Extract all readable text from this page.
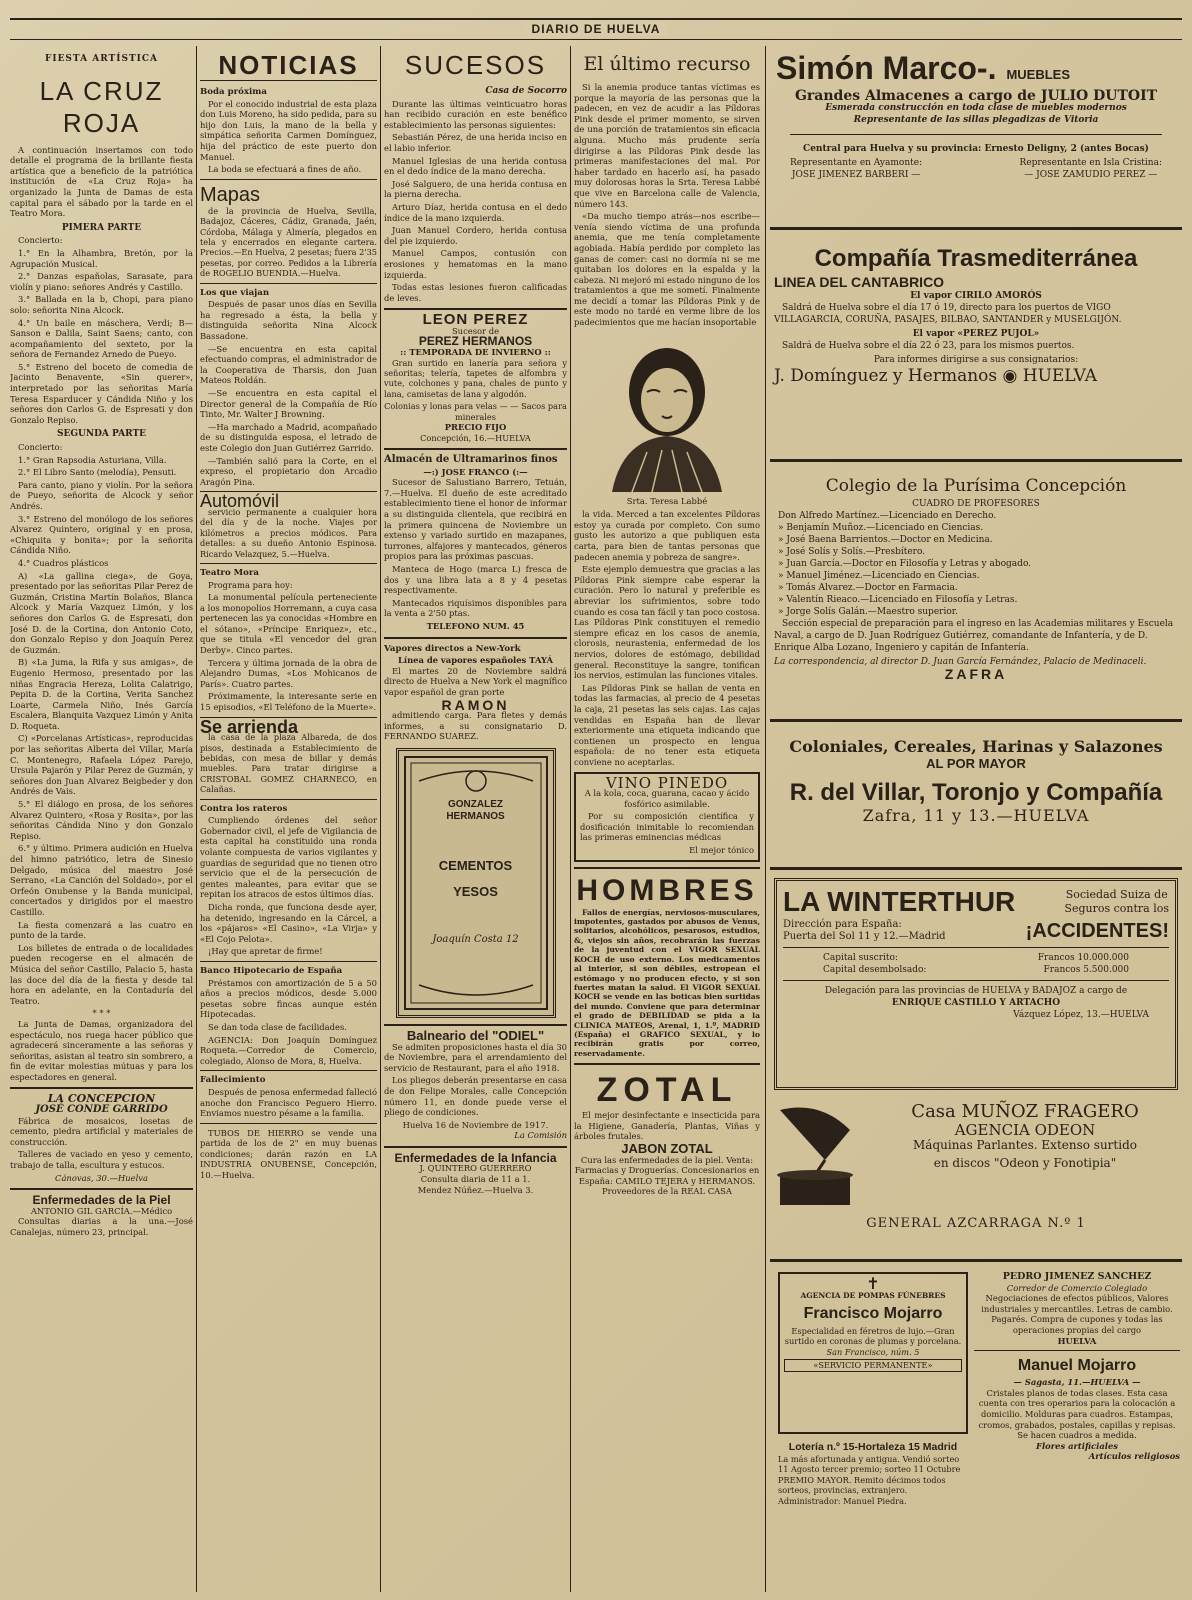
DIARIO DE HUELVA
FIESTA ARTÍSTICA
LA CRUZ ROJA

A continuación insertamos con todo detalle el programa de la brillante fiesta artística que a beneficio de la patriótica institución de «La Cruz Roja» ha organizado la Junta de Damas de esta capital para el sábado por la tarde en el Teatro Mora.

PIMERA PARTE

Concierto:

1.° En la Alhambra, Bretón, por la Agrupación Musical.

2.° Danzas españolas, Sarasate, para violín y piano: señores Andrés y Castillo.

3.° Ballada en la b, Chopi, para piano solo: señorita Nina Alcock.

4.° Un baile en máschera, Verdi; B—Sanson e Dalila, Saint Saens; canto, con acompañamiento del sexteto, por la señora de Fernandez Arnedo de Pueyo.

5.° Estreno del boceto de comedia de Jacinto Benavente, «Sin querer», interpretado por las señoritas María Teresa Esparducer y Cándida Niño y los señores don Carlos G. de Espresati y don Gonzalo Repiso.

SEGUNDA PARTE

Concierto:

1.° Gran Rapsodia Asturiana, Villa.

2.° El Libro Santo (melodía), Pensuti.

Para canto, piano y violín. Por la señora de Pueyo, señorita de Alcock y señor Andrés.

3.° Estreno del monólogo de los señores Alvarez Quintero, original y en prosa, «Chiquita y bonita»; por la señorita Cándida Niño.

4.° Cuadros plásticos

A) «La gallina ciega», de Goya, presentado por las señoritas Pilar Perez de Guzmán, Cristina Martín Bolaños, Blanca Alcock y María Vazquez Limón, y los señores don Carlos G. de Espresati, don José D. de la Cortina, don Antonio Coto, don Gonzalo Repiso y don Joaquín Perez de Guzmán.

B) «La Juma, la Rifa y sus amigas», de Eugenio Hermoso, presentado por las niñas Engracia Hereza, Lolita Calatrigo, Pepita D. de la Cortina, Verita Sanchez Loarte, Carmela Niño, Inés García Escalera, Blanquita Vazquez Limón y Anita D. Roqueta.

C) «Porcelanas Artísticas», reproducidas por las señoritas Alberta del Villar, María C. Montenegro, Rafaela López Parejo, Ursula Pajarón y Pilar Perez de Guzmán, y señores don Juan Alvarez Beigbeder y don Andrés de Vais.

5.° El diálogo en prosa, de los señores Alvarez Quintero, «Rosa y Rosita», por las señoritas Cándida Nino y don Gonzalo Repiso.

6.° y último. Primera audición en Huelva del himno patriótico, letra de Sinesio Delgado, música del maestro José Serrano, «La Canción del Soldado», por el Orfeón Onubense y la Banda municipal, concertados y dirigidos por el maestro Castillo.

La fiesta comenzará a las cuatro en punto de la tarde.

Los billetes de entrada o de localidades pueden recogerse en el almacén de Música del señor Castillo, Palacio 5, hasta las doce del día de la fiesta y desde tal hora en adelante, en la Contaduría del Teatro.

* * *

La Junta de Damas, organizadora del espectáculo, nos ruega hacer público que agradecerá sinceramente a las señoras y señoritas, asistan al teatro sin sombrero, a fin de evitar molestias mútuas y para los espectadores en general.

LA CONCEPCION
JOSÉ CONDE GARRIDO

Fábrica de mosaicos, losetas de cemento, piedra artificial y materiales de construcción.

Talleres de vaciado en yeso y cemento, trabajo de talla, escultura y estucos.

Cánovas, 30.—Huelva
Enfermedades de la Piel
ANTONIO GIL GARCÍA.—Médico

Consultas diarias a la una.—José Canalejas, número 23, principal.

NOTICIAS
Boda próxima

Por el conocido industrial de esta plaza don Luis Moreno, ha sido pedida, para su hijo don Luis, la mano de la bella y simpática señorita Carmen Domínguez, hija del práctico de este puerto don Manuel.

La boda se efectuará a fines de año.

Mapas

de la provincia de Huelva, Sevilla, Badajoz, Cáceres, Cádiz, Granada, Jaén, Córdoba, Málaga y Almería, plegados en tela y encerrados en elegante cartera. Precios.—En Huelva, 2 pesetas; fuera 2'35 pesetas, por correo. Pedidos a la Librería de ROGELIO BUENDIA.—Huelva.

Los que viajan

Después de pasar unos días en Sevilla ha regresado a ésta, la bella y distinguida señorita Nina Alcock Bassadone.

—Se encuentra en esta capital efectuando compras, el administrador de la Cooperativa de Tharsis, don Juan Mateos Roldán.

—Se encuentra en esta capital el Director general de la Compañía de Río Tinto, Mr. Walter J Browning.

—Ha marchado a Madrid, acompañado de su distinguida esposa, el letrado de este Colegio don Juan Gutiérrez Garrido.

—También salió para la Corte, en el expreso, el propietario don Arcadio Aragón Pina.

Automóvil

servicio permanente a cualquier hora del día y de la noche. Viajes por kilómetros a precios módicos. Para detalles: a su dueño Antonio Espinosa. Ricardo Velazquez, 5.—Huelva.

Teatro Mora

Programa para hoy:

La monumental película perteneciente a los monopolios Horremann, a cuya casa pertenecen las ya conocidas «Hombre en el sótano», «Príncipe Enriquez», etc., que se titula «El vencedor del gran Derby». Cinco partes.

Tercera y última jornada de la obra de Alejandro Dumas, «Los Mohicanos de París». Cuatro partes.

Próximamente, la interesante serie en 15 episodios, «El Teléfono de la Muerte».

Se arrienda

la casa de la plaza Albareda, de dos pisos, destinada a Establecimiento de bebidas, con mesa de billar y demás muebles. Para tratar dirigirse a CRISTOBAL GOMEZ CHARNECO, en Calañas.

Contra los rateros

Cumpliendo órdenes del señor Gobernador civil, el jefe de Vigilancia de esta capital ha constituido una ronda volante compuesta de varios vigilantes y guardias de seguridad que no tienen otro servicio que el de la persecución de gentes maleantes, para evitar que se repitan los atracos de estos últimos días.

Dicha ronda, que funciona desde ayer, ha detenido, ingresando en la Cárcel, a los «pájaros» «El Casino», «La Virja» y «El Cojo Pelota».

¡Hay que apretar de firme!

Banco Hipotecario de España

Préstamos con amortización de 5 a 50 años a precios módicos, desde 5.000 pesetas sobre fincas aunque estén Hipotecadas.

Se dan toda clase de facilidades.

AGENCIA: Don Joaquín Domínguez Roqueta.—Corredor de Comercio, colegiado, Alonso de Mora, 8, Huelva.

Fallecimiento

Después de penosa enfermedad falleció anoche don Francisco Peguero Hierro. Enviamos nuestro pésame a la familia.

TUBOS DE HIERRO se vende una partida de los de 2" en muy buenas condiciones; darán razón en LA INDUSTRIA ONUBENSE, Concepción, 10.—Huelva.

SUCESOS
Casa de Socorro

Durante las últimas veinticuatro horas han recibido curación en este benéfico establecimiento las personas siguientes:

Sebastián Pérez, de una herida inciso en el labio inferior.

Manuel Iglesias de una herida contusa en el dedo índice de la mano derecha.

José Salguero, de una herida contusa en la pierna derecha.

Arturo Díaz, herida contusa en el dedo índice de la mano izquierda.

Juan Manuel Cordero, herida contusa del pie izquierdo.

Manuel Campos, contusión con erosiones y hematomas en la mano izquierda.

Todas estas lesiones fueron calificadas de leves.

LEON PEREZ
Sucesor de
PEREZ HERMANOS
:: TEMPORADA DE INVIERNO ::

Gran surtido en lanería para señora y señoritas; telería, tapetes de alfombra y vute, colchones y pana, chales de punto y lana, camisetas de lana y algodón.

Colonias y lonas para velas — — Sacos para minerales
PRECIO FIJO
Concepción, 16.—HUELVA
Almacén de Ultramarinos finos
—:) JOSE FRANCO (:—

Sucesor de Salustiano Barrero, Tetuán, 7.—Huelva. El dueño de este acreditado establecimiento tiene el honor de informar a su distinguida clientela, que recibirá en la primera quincena de Noviembre un extenso y variado surtido en mazapanes, turrones, alfajores y mantecados, géneros propios para las próximas pascuas.

Manteca de Hogo (marca L) fresca de dos y una libra lata a 8 y 4 pesetas respectivamente.

Mantecados riquísimos disponibles para la venta a 2'50 ptas.

TELEFONO NUM. 45
Vapores directos a New-York
Línea de vapores españoles TAYÁ

El martes 20 de Noviembre saldrá directo de Huelva a New York el magnífico vapor español de gran porte

RAMON

admitiendo carga. Para fletes y demás informes, a su consignatario D. FERNANDO SUAREZ.

GONZALEZ HERMANOS
CEMENTOS
YESOS
Joaquín Costa 12
Balneario del "ODIEL"

Se admiten proposiciones hasta el día 30 de Noviembre, para el arrendamiento del servicio de Restaurant, para el año 1918.

Los pliegos deberán presentarse en casa de don Felipe Morales, calle Concepción número 11, en donde puede verse el pliego de condiciones.

Huelva 16 de Noviembre de 1917.
La Comisión
Enfermedades de la Infancia
J. QUINTERO GUERRERO
Consulta diaria de 11 a 1.
Mendez Núñez.—Huelva 3.
El último recurso

Si la anemia produce tantas víctimas es porque la mayoría de las personas que la padecen, en vez de acudir a las Píldoras Pink desde el primer momento, se sirven de una porción de tratamientos sin eficacia alguna. Mucho más prudente sería dirigirse a las Píldoras Pink desde las primeras manifestaciones del mal. Por haber tardado en hacerlo así, ha pasado muy dolorosas horas la Srta. Teresa Labbé que vive en Barcelona calle de Valencia, número 143.

«Da mucho tiempo atrás—nos escribe—venía siendo víctima de una profunda anemia, que me tenía completamente agobiada. Había perdido por completo las ganas de comer: casi no dormía ni se me quitaban los dolores en la espalda y la cabeza. Ni mejoró mi estado ninguno de los tratamientos a que me sometí. Finalmente me decidí a tomar las Píldoras Pink y de este modo no tardé en verme libre de los padecimientos que me hacían insoportable

Srta. Teresa Labbé

la vida. Merced a tan excelentes Píldoras estoy ya curada por completo. Con sumo gusto les autorizo a que publiquen esta carta, para bien de tantas personas que padecen anemia y pobreza de sangre».

Este ejemplo demuestra que gracias a las Píldoras Pink siempre cabe esperar la curación. Pero lo natural y preferible es abreviar los sufrimientos, sobre todo cuando es cosa tan fácil y tan poco costosa. Las Píldoras Pink constituyen el remedio siempre eficaz en los casos de anemia, clorosis, neurastenia, enfermedad de los nervios, dolores de estómago, debilidad general. Reconstituye la sangre, tonifican los nervios, estimulan las funciones vitales.

Las Píldoras Pink se hallan de venta en todas las farmacias, al precio de 4 pesetas la caja, 21 pesetas las seis cajas. Las cajas vendidas en España han de llevar exteriormente una etiqueta indicando que contienen un prospecto en lengua española: de no tener esta etiqueta conviene no aceptarlas.

VINO PINEDO

A la kola, coca, guarana, cacao y ácido fosfórico asimilable.

Por su composición científica y dosificación inimitable lo recomiendan las primeras eminencias médicas

El mejor tónico
HOMBRES

Fallos de energías, nerviosos-musculares, impotentes, gastados por abusos de Venus, solitarios, alcohólicos, pesarosos, estudios, &, viejos sin años, recobrarán las fuerzas de la juventud con el VIGOR SEXUAL KOCH de uso externo. Los medicamentos al interior, si son débiles, estropean el estómago y no producen efecto, y si son fuertes matan la salud. El VIGOR SEXUAL KOCH se vende en las boticas bien surtidas del mundo. Conviene que para determinar el grado de DEBILIDAD se pida a la CLINICA MATEOS, Arenal, 1, 1.º, MADRID (España) el GRAFICO SEXUAL, y lo recibirán gratis por correo, reservadamente.

ZOTAL

El mejor desinfectante e insecticida para la Higiene, Ganadería, Plantas, Viñas y árboles frutales.

JABON ZOTAL

Cura las enfermedades de la piel. Venta: Farmacias y Droguerías. Concesionarios en España: CAMILO TEJERA y HERMANOS. Proveedores de la REAL CASA

Simón Marco-. MUEBLES
Grandes Almacenes a cargo de JULIO DUTOIT
Esmerada construcción en toda clase de muebles modernos
Representante de las sillas plegadizas de Vitoria
Central para Huelva y su provincia: Ernesto Deligny, 2 (antes Bocas)
Representante en Ayamonte:
JOSE JIMENEZ BARBERI —
Representante en Isla Cristina:
— JOSE ZAMUDIO PEREZ —
Compañía Trasmediterránea
LINEA DEL CANTABRICO
El vapor CIRILO AMORÓS

Saldrá de Huelva sobre el día 17 ó 19, directo para los puertos de VIGO VILLAGARCIA, CORUÑA, PASAJES, BILBAO, SANTANDER y MUSELGIJÓN.

El vapor «PEREZ PUJOL»

Saldrá de Huelva sobre el día 22 ó 23, para los mismos puertos.

Para informes dirigirse a sus consignatarios:
J. Domínguez y Hermanos ◉ HUELVA
Colegio de la Purísima Concepción
CUADRO DE PROFESORES
Don Alfredo Martínez.—Licenciado en Derecho.
» Benjamín Muñoz.—Licenciado en Ciencias.
» José Baena Barrientos.—Doctor en Medicina.
» José Solís y Solís.—Presbítero.
» Juan García.—Doctor en Filosofía y Letras y abogado.
» Manuel Jiménez.—Licenciado en Ciencias.
» Tomás Alvarez.—Doctor en Farmacia.
» Valentín Rieaco.—Licenciado en Filosofía y Letras.
» Jorge Solís Galán.—Maestro superior.

Sección especial de preparación para el ingreso en las Academias militares y Escuela Naval, a cargo de D. Juan Rodríguez Gutiérrez, comandante de Infantería, y de D. Enrique Alba Lozano, Ingeniero y capitán de Infantería.

La correspondencia, al director D. Juan García Fernández, Palacio de Medinaceli.
ZAFRA
Coloniales, Cereales, Harinas y Salazones
AL POR MAYOR
R. del Villar, Toronjo y Compañía
Zafra, 11 y 13.—HUELVA
LA WINTERTHUR	Sociedad Suiza de
Seguros contra los
Dirección para España:
Puerta del Sol 11 y 12.—Madrid	¡ACCIDENTES!
Capital suscrito:	Francos 10.000.000
Capital desembolsado:	Francos 5.500.000
Delegación para las provincias de HUELVA y BADAJOZ a cargo de
ENRIQUE CASTILLO Y ARTACHO
Vázquez López, 13.—HUELVA
Casa MUÑOZ FRAGERO
AGENCIA ODEON
Máquinas Parlantes. Extenso surtido
en discos "Odeon y Fonotipia"
GENERAL AZCARRAGA N.º 1
✝
AGENCIA DE POMPAS FÚNEBRES
Francisco Mojarro
Especialidad en féretros de lujo.—Gran surtido en coronas de plumas y porcelana.
San Francisco, núm. 5
«SERVICIO PERMANENTE»
Lotería n.º 15-Hortaleza 15 Madrid
La más afortunada y antigua. Vendió sorteo 11 Agosto tercer premio; sorteo 11 Octubre PREMIO MAYOR. Remito décimos todos sorteos, provincias, extranjero. Administrador: Manuel Piedra.
PEDRO JIMENEZ SANCHEZ
Corredor de Comercio Colegiado
Negociaciones de efectos públicos, Valores industriales y mercantiles. Letras de cambio. Pagarés. Compra de cupones y todas las operaciones propias del cargo
HUELVA
Manuel Mojarro
— Sagasta, 11.—HUELVA —
Cristales planos de todas clases. Esta casa cuenta con tres operarios para la colocación a domicilio. Molduras para cuadros. Estampas, cromos, grabados, postales, capillas y repisas. Se hacen cuadros a medida.
Flores artificiales
Artículos religiosos
